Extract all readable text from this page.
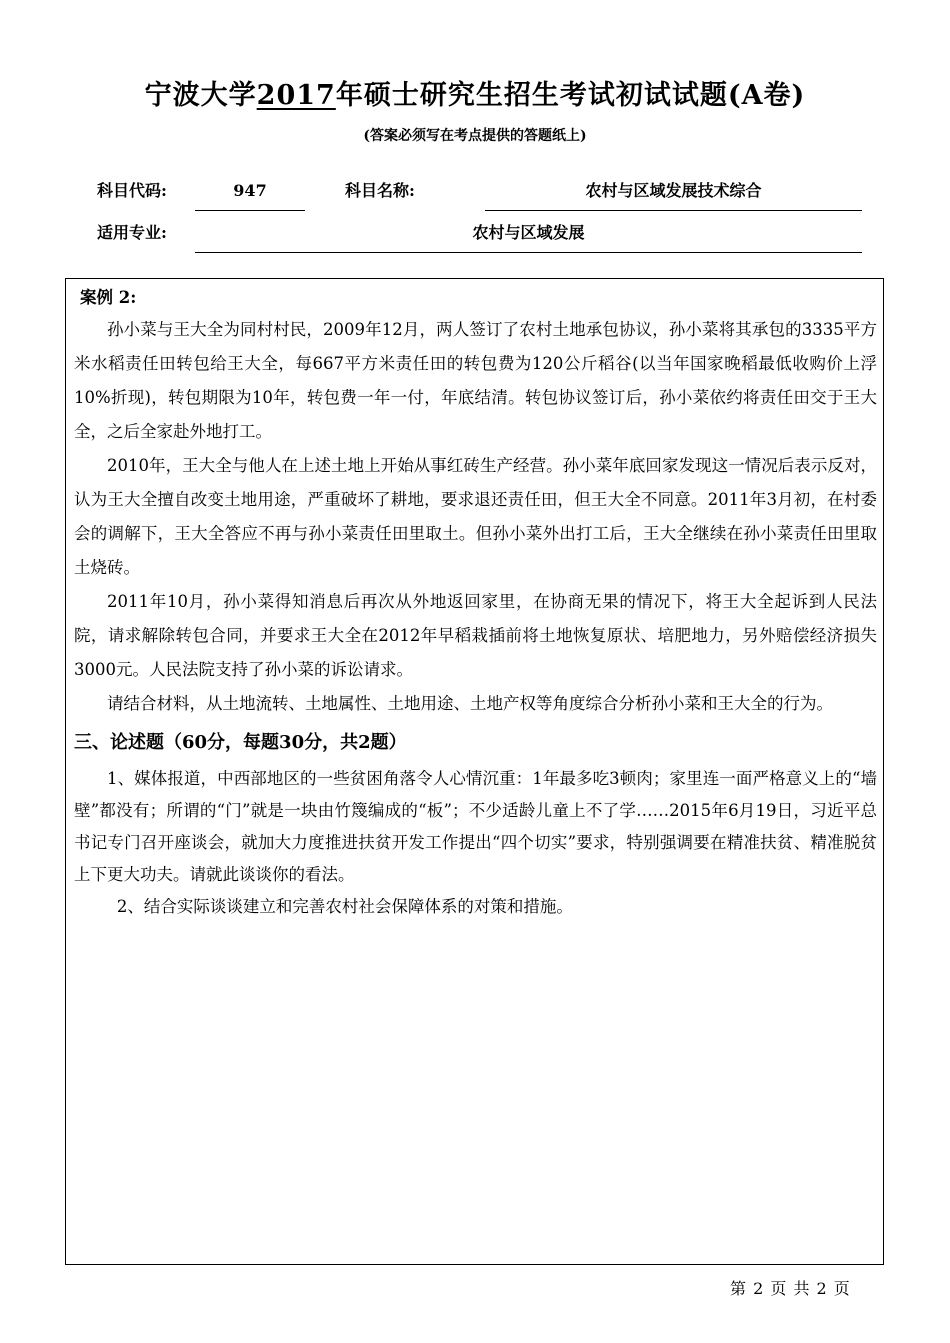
宁波大学2017年硕士研究生招生考试初试试题(A卷)
(答案必须写在考点提供的答题纸上)
科目代码:	947	科目名称:	农村与区域发展技术综合
适用专业:	农村与区域发展

案例 2:

孙小菜与王大全为同村村民，2009年12月，两人签订了农村土地承包协议，孙小菜将其承包的3335平方米水稻责任田转包给王大全，每667平方米责任田的转包费为120公斤稻谷(以当年国家晚稻最低收购价上浮10%折现)，转包期限为10年，转包费一年一付，年底结清。转包协议签订后，孙小菜依约将责任田交于王大全，之后全家赴外地打工。

2010年，王大全与他人在上述土地上开始从事红砖生产经营。孙小菜年底回家发现这一情况后表示反对，认为王大全擅自改变土地用途，严重破坏了耕地，要求退还责任田，但王大全不同意。2011年3月初，在村委会的调解下，王大全答应不再与孙小菜责任田里取土。但孙小菜外出打工后，王大全继续在孙小菜责任田里取土烧砖。

2011年10月，孙小菜得知消息后再次从外地返回家里，在协商无果的情况下，将王大全起诉到人民法院，请求解除转包合同，并要求王大全在2012年早稻栽插前将土地恢复原状、培肥地力，另外赔偿经济损失3000元。人民法院支持了孙小菜的诉讼请求。

请结合材料，从土地流转、土地属性、土地用途、土地产权等角度综合分析孙小菜和王大全的行为。

三、论述题（60分，每题30分，共2题）

1、媒体报道，中西部地区的一些贫困角落令人心情沉重：1年最多吃3顿肉；家里连一面严格意义上的“墙壁”都没有；所谓的“门”就是一块由竹篾编成的“板”；不少适龄儿童上不了学……2015年6月19日，习近平总书记专门召开座谈会，就加大力度推进扶贫开发工作提出“四个切实”要求，特别强调要在精准扶贫、精准脱贫上下更大功夫。请就此谈谈你的看法。

2、结合实际谈谈建立和完善农村社会保障体系的对策和措施。

第 2 页 共 2 页
